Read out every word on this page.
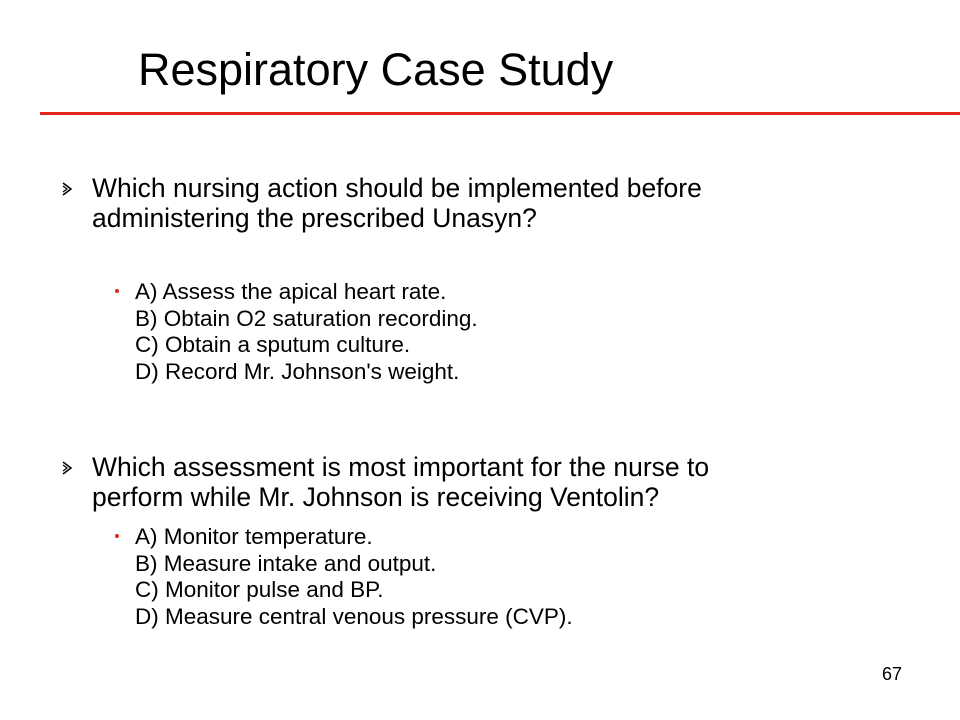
Respiratory Case Study
Which nursing action should be implemented before
administering the prescribed Unasyn?
A) Assess the apical heart rate.
B) Obtain O2 saturation recording.
C) Obtain a sputum culture.
D) Record Mr. Johnson's weight.
Which assessment is most important for the nurse to
perform while Mr. Johnson is receiving Ventolin?
A) Monitor temperature.
B) Measure intake and output.
C) Monitor pulse and BP.
D) Measure central venous pressure (CVP).
67
